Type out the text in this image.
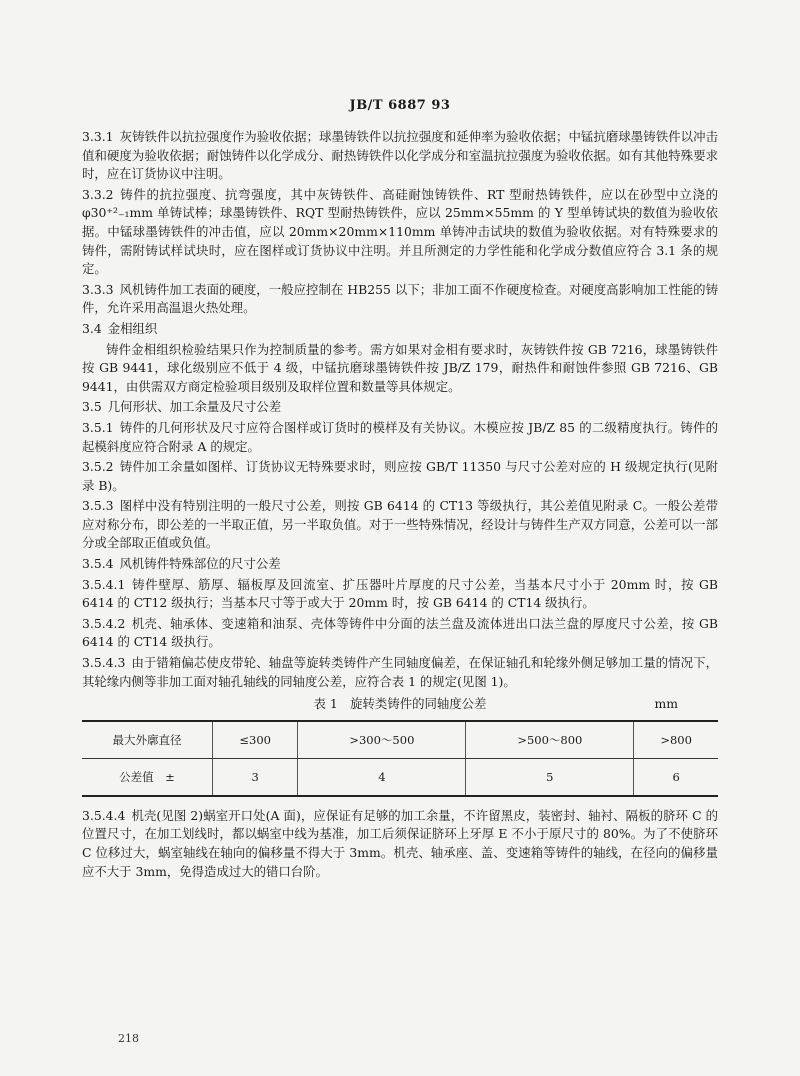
JB/T 6887 93

3.3.1 灰铸铁件以抗拉强度作为验收依据；球墨铸铁件以抗拉强度和延伸率为验收依据；中锰抗磨球墨铸铁件以冲击值和硬度为验收依据；耐蚀铸件以化学成分、耐热铸铁件以化学成分和室温抗拉强度为验收依据。如有其他特殊要求时，应在订货协议中注明。

3.3.2 铸件的抗拉强度、抗弯强度，其中灰铸铁件、高硅耐蚀铸铁件、RT 型耐热铸铁件，应以在砂型中立浇的 φ30⁺²₋₁mm 单铸试棒；球墨铸铁件、RQT 型耐热铸铁件，应以 25mm×55mm 的 Y 型单铸试块的数值为验收依据。中锰球墨铸铁件的冲击值，应以 20mm×20mm×110mm 单铸冲击试块的数值为验收依据。对有特殊要求的铸件，需附铸试样试块时，应在图样或订货协议中注明。并且所测定的力学性能和化学成分数值应符合 3.1 条的规定。

3.3.3 风机铸件加工表面的硬度，一般应控制在 HB255 以下；非加工面不作硬度检查。对硬度高影响加工性能的铸件，允许采用高温退火热处理。

3.4 金相组织

铸件金相组织检验结果只作为控制质量的参考。需方如果对金相有要求时，灰铸铁件按 GB 7216，球墨铸铁件按 GB 9441，球化级别应不低于 4 级，中锰抗磨球墨铸铁件按 JB/Z 179，耐热件和耐蚀件参照 GB 7216、GB 9441，由供需双方商定检验项目级别及取样位置和数量等具体规定。

3.5 几何形状、加工余量及尺寸公差

3.5.1 铸件的几何形状及尺寸应符合图样或订货时的模样及有关协议。木模应按 JB/Z 85 的二级精度执行。铸件的起模斜度应符合附录 A 的规定。

3.5.2 铸件加工余量如图样、订货协议无特殊要求时，则应按 GB/T 11350 与尺寸公差对应的 H 级规定执行(见附录 B)。

3.5.3 图样中没有特别注明的一般尺寸公差，则按 GB 6414 的 CT13 等级执行，其公差值见附录 C。一般公差带应对称分布，即公差的一半取正值，另一半取负值。对于一些特殊情况，经设计与铸件生产双方同意，公差可以一部分或全部取正值或负值。

3.5.4 风机铸件特殊部位的尺寸公差

3.5.4.1 铸件壁厚、筋厚、辐板厚及回流室、扩压器叶片厚度的尺寸公差，当基本尺寸小于 20mm 时，按 GB 6414 的 CT12 级执行；当基本尺寸等于或大于 20mm 时，按 GB 6414 的 CT14 级执行。

3.5.4.2 机壳、轴承体、变速箱和油泵、壳体等铸件中分面的法兰盘及流体进出口法兰盘的厚度尺寸公差，按 GB 6414 的 CT14 级执行。

3.5.4.3 由于错箱偏芯使皮带轮、轴盘等旋转类铸件产生同轴度偏差，在保证轴孔和轮缘外侧足够加工量的情况下，其轮缘内侧等非加工面对轴孔轴线的同轴度公差，应符合表 1 的规定(见图 1)。

表 1　旋转类铸件的同轴度公差	mm
最大外廓直径	≤300	>300～500	>500～800	>800
公差值　±	3	4	5	6

3.5.4.4 机壳(见图 2)蜗室开口处(A 面)，应保证有足够的加工余量，不许留黑皮，装密封、轴衬、隔板的脐环 C 的位置尺寸，在加工划线时，都以蜗室中线为基准，加工后须保证脐环上牙厚 E 不小于原尺寸的 80%。为了不使脐环 C 位移过大，蜗室轴线在轴向的偏移量不得大于 3mm。机壳、轴承座、盖、变速箱等铸件的轴线，在径向的偏移量应不大于 3mm，免得造成过大的错口台阶。

218
